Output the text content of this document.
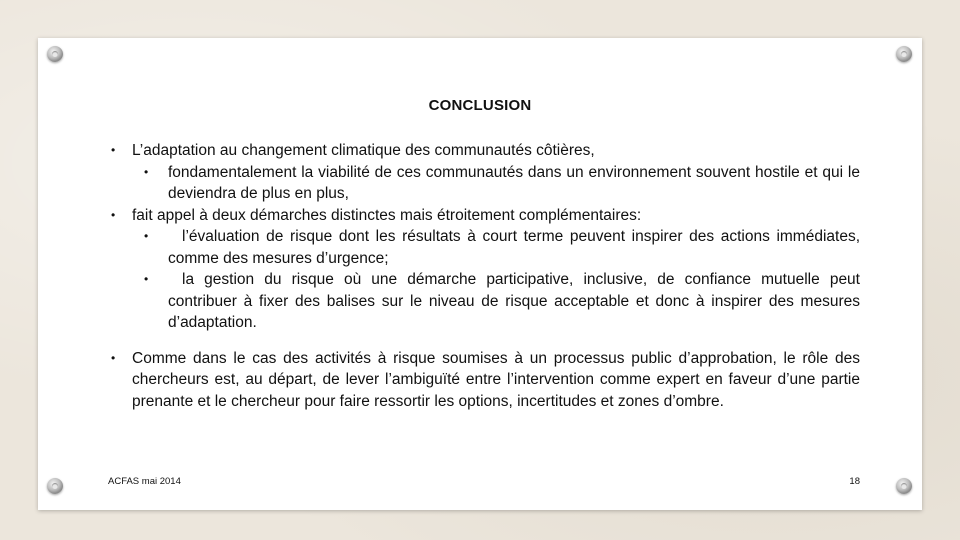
CONCLUSION
• L’adaptation au changement climatique des communautés côtières,
• fondamentalement la viabilité de ces communautés dans un environnement souvent hostile et qui le deviendra de plus en plus,
• fait appel à deux démarches distinctes mais étroitement complémentaires:
• l’évaluation de risque dont les résultats à court terme peuvent inspirer des actions immédiates, comme des mesures d’urgence;
• la gestion du risque où une démarche participative, inclusive, de confiance mutuelle peut contribuer à fixer des balises sur le niveau de risque acceptable et donc à inspirer des mesures d’adaptation.
• Comme dans le cas des activités à risque soumises à un processus public d’approbation, le rôle des chercheurs est, au départ, de lever l’ambiguïté entre l’intervention comme expert en faveur d’une partie prenante et le chercheur pour faire ressortir les options, incertitudes et zones d’ombre.
ACFAS mai 2014	18
